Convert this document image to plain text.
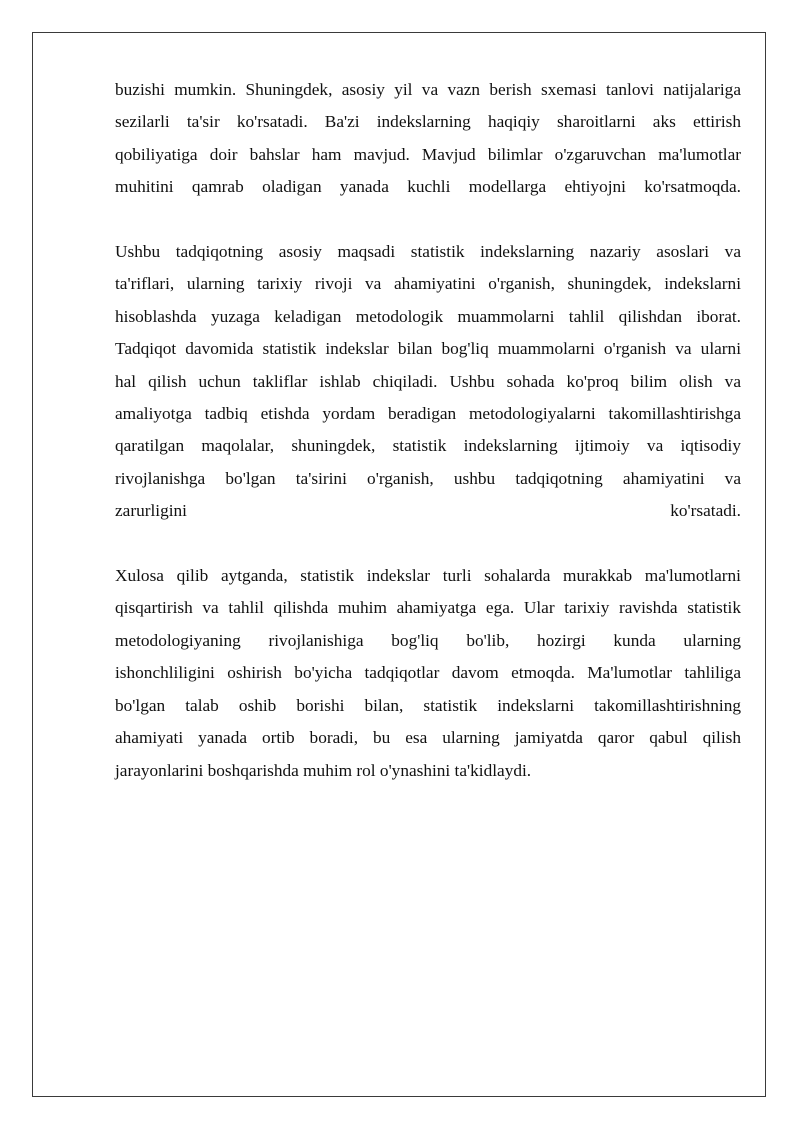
buzishi mumkin. Shuningdek, asosiy yil va vazn berish sxemasi tanlovi natijalariga
sezilarli ta'sir ko'rsatadi. Ba'zi indekslarning haqiqiy sharoitlarni aks ettirish
qobiliyatiga doir bahslar ham mavjud. Mavjud bilimlar o'zgaruvchan ma'lumotlar
muhitini qamrab oladigan yanada kuchli modellarga ehtiyojni ko'rsatmoqda.
Ushbu tadqiqotning asosiy maqsadi statistik indekslarning nazariy asoslari va
ta'riflari, ularning tarixiy rivoji va ahamiyatini o'rganish, shuningdek, indekslarni
hisoblashda yuzaga keladigan metodologik muammolarni tahlil qilishdan iborat.
Tadqiqot davomida statistik indekslar bilan bog'liq muammolarni o'rganish va ularni
hal qilish uchun takliflar ishlab chiqiladi. Ushbu sohada ko'proq bilim olish va
amaliyotga tadbiq etishda yordam beradigan metodologiyalarni takomillashtirishga
qaratilgan maqolalar, shuningdek, statistik indekslarning ijtimoiy va iqtisodiy
rivojlanishga bo'lgan ta'sirini o'rganish, ushbu tadqiqotning ahamiyatini va
zarurligini ko'rsatadi.
Xulosa qilib aytganda, statistik indekslar turli sohalarda murakkab ma'lumotlarni
qisqartirish va tahlil qilishda muhim ahamiyatga ega. Ular tarixiy ravishda statistik
metodologiyaning rivojlanishiga bog'liq bo'lib, hozirgi kunda ularning
ishonchliligini oshirish bo'yicha tadqiqotlar davom etmoqda. Ma'lumotlar tahliliga
bo'lgan talab oshib borishi bilan, statistik indekslarni takomillashtirishning
ahamiyati yanada ortib boradi, bu esa ularning jamiyatda qaror qabul qilish
jarayonlarini boshqarishda muhim rol o'ynashini ta'kidlaydi.
